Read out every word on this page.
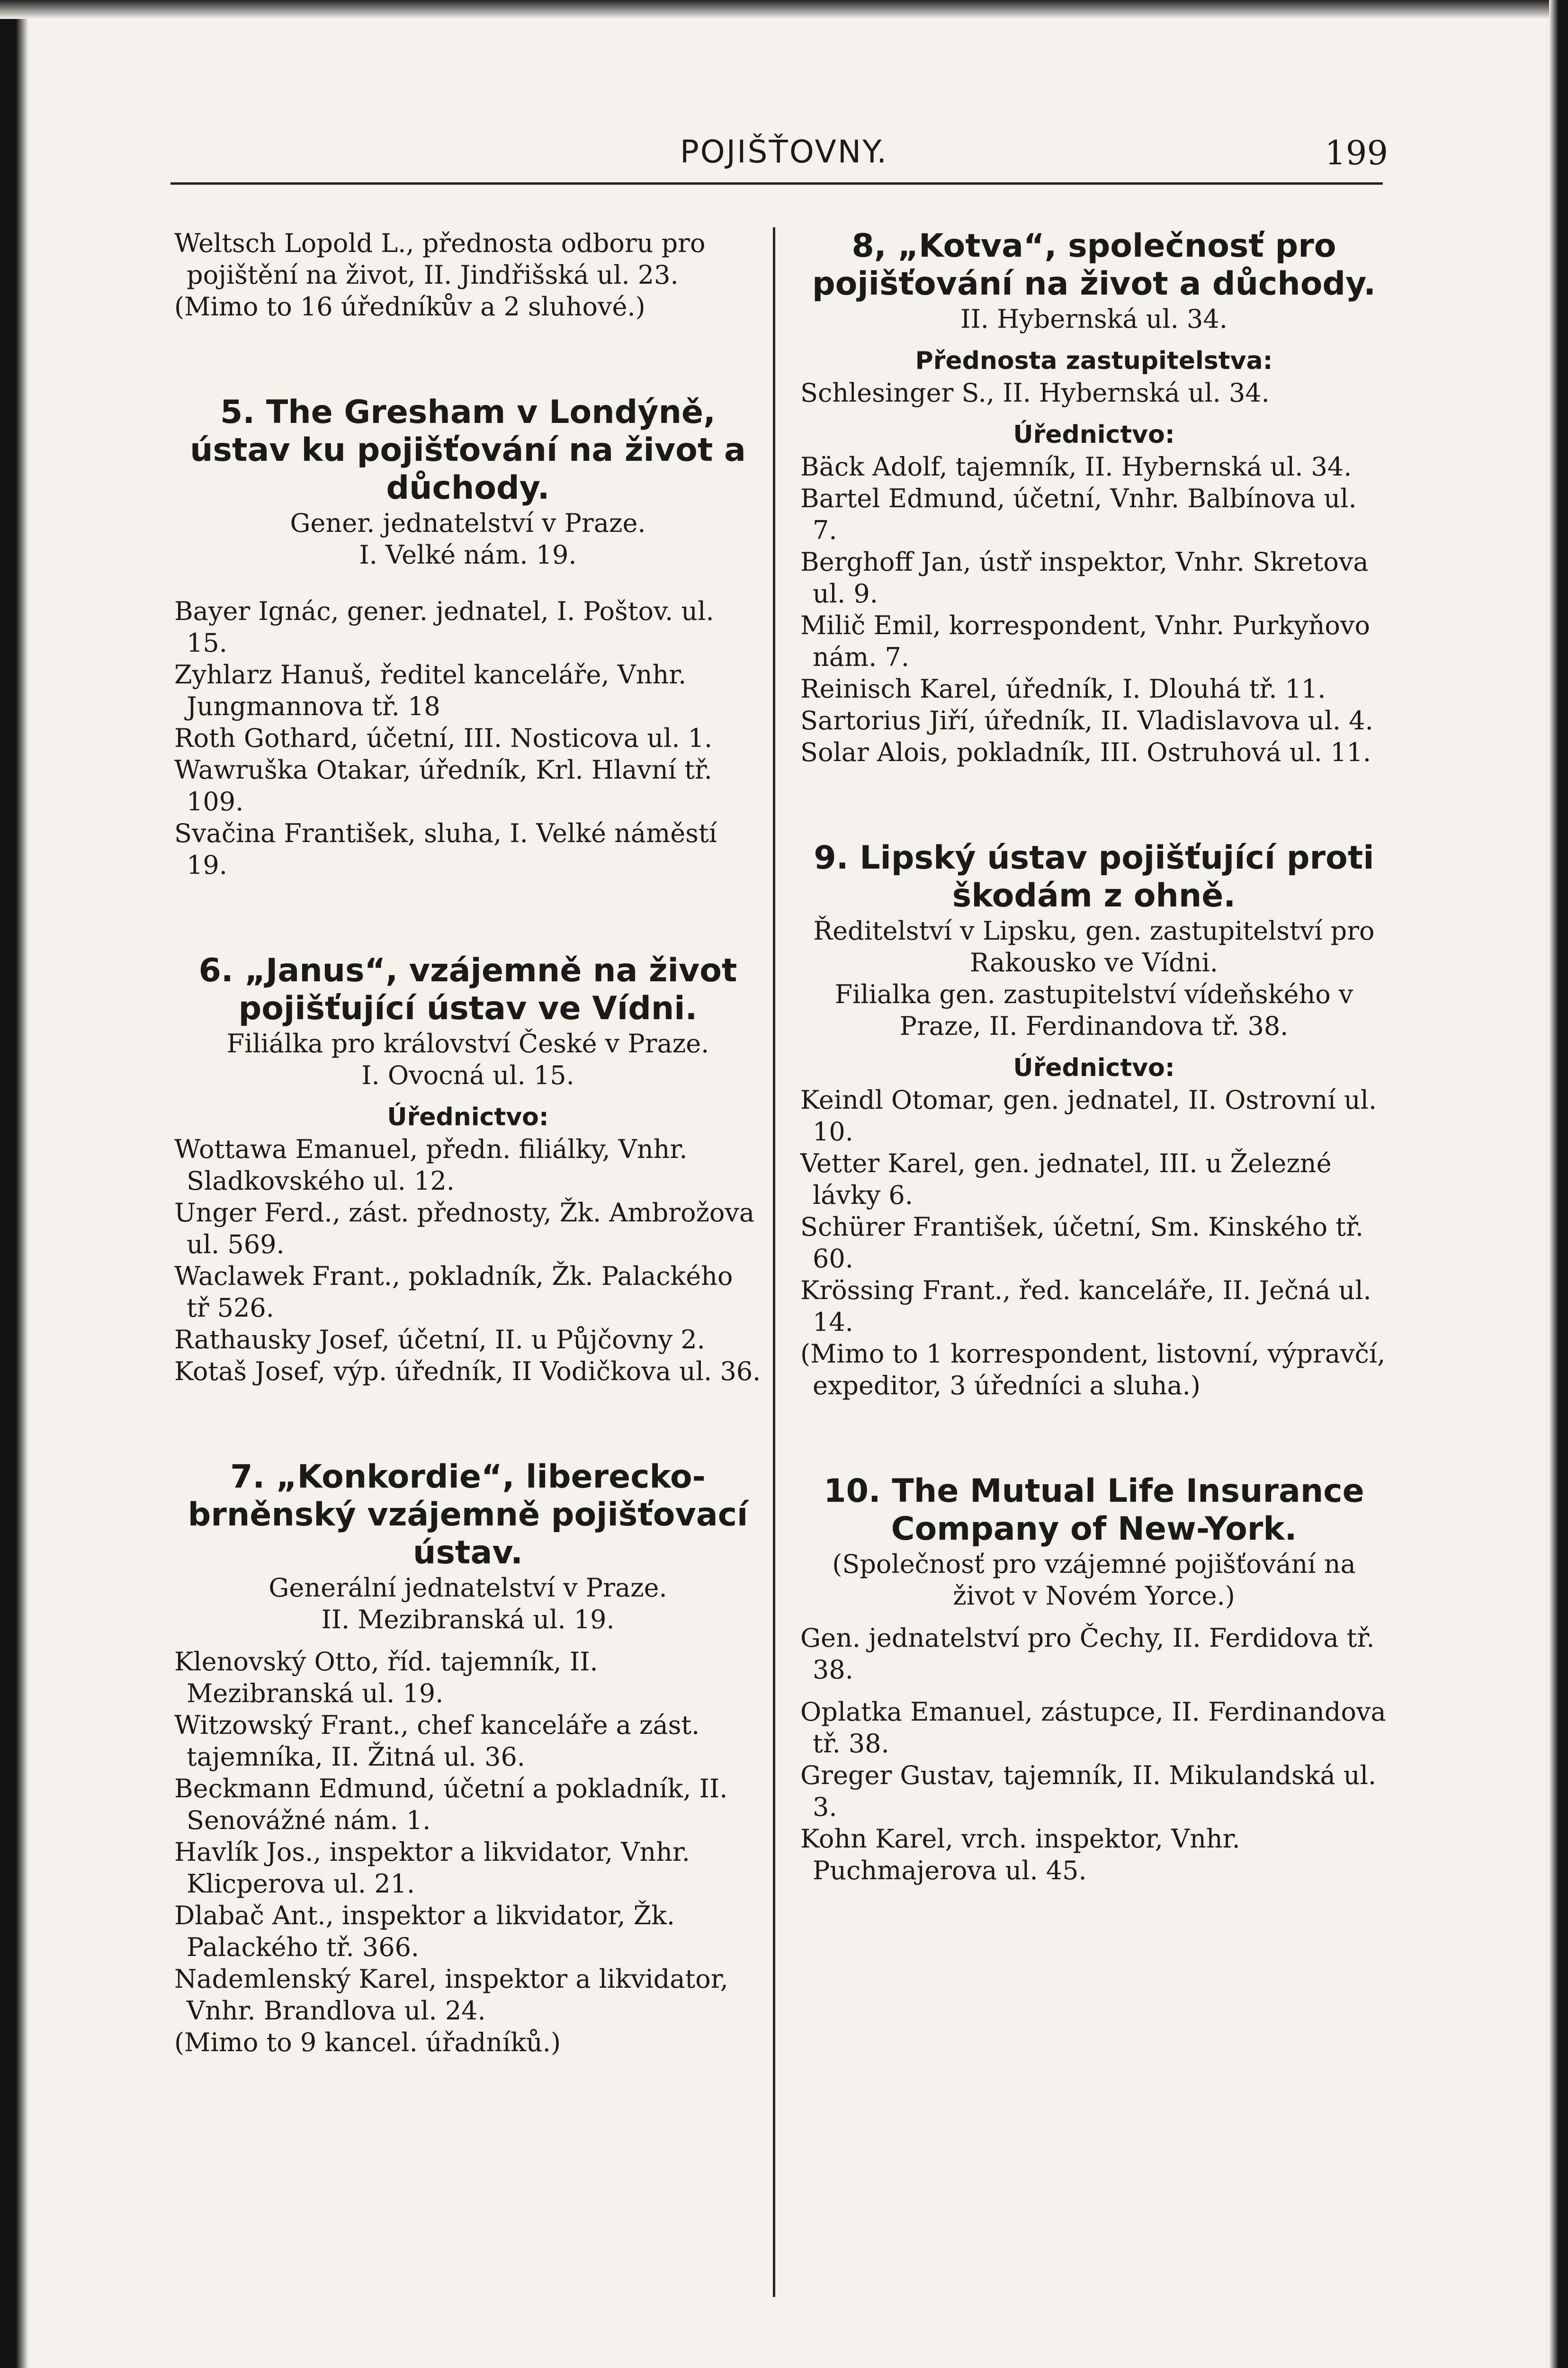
POJIŠŤOVNY.	199

Weltsch Lopold L., přednosta odboru pro pojištění na život, II. Jindřišská ul. 23.

(Mimo to 16 úředníkův a 2 sluhové.)

5. The Gresham v Londýně, ústav ku pojišťování na život a důchody.

Gener. jednatelství v Praze.

I. Velké nám. 19.

Bayer Ignác, gener. jednatel, I. Poštov. ul. 15.

Zyhlarz Hanuš, ředitel kanceláře, Vnhr. Jungmannova tř. 18

Roth Gothard, účetní, III. Nosticova ul. 1.

Wawruška Otakar, úředník, Krl. Hlavní tř. 109.

Svačina František, sluha, I. Velké náměstí 19.

6. „Janus“, vzájemně na život pojišťující ústav ve Vídni.

Filiálka pro království České v Praze.

I. Ovocná ul. 15.

Úřednictvo:

Wottawa Emanuel, předn. filiálky, Vnhr. Sladkovského ul. 12.

Unger Ferd., zást. přednosty, Žk. Ambrožova ul. 569.

Waclawek Frant., pokladník, Žk. Palackého tř 526.

Rathausky Josef, účetní, II. u Půjčovny 2.

Kotaš Josef, výp. úředník, II Vodičkova ul. 36.

7. „Konkordie“, liberecko-brněnský vzájemně pojišťovací ústav.

Generální jednatelství v Praze.

II. Mezibranská ul. 19.

Klenovský Otto, říd. tajemník, II. Mezibranská ul. 19.

Witzowský Frant., chef kanceláře a zást. tajemníka, II. Žitná ul. 36.

Beckmann Edmund, účetní a pokladník, II. Senovážné nám. 1.

Havlík Jos., inspektor a likvidator, Vnhr. Klicperova ul. 21.

Dlabač Ant., inspektor a likvidator, Žk. Palackého tř. 366.

Nademlenský Karel, inspektor a likvidator, Vnhr. Brandlova ul. 24.

(Mimo to 9 kancel. úřadníků.)

8, „Kotva“, společnosť pro pojišťování na život a důchody.

II. Hybernská ul. 34.

Přednosta zastupitelstva:

Schlesinger S., II. Hybernská ul. 34.

Úřednictvo:

Bäck Adolf, tajemník, II. Hybernská ul. 34.

Bartel Edmund, účetní, Vnhr. Balbínova ul. 7.

Berghoff Jan, ústř inspektor, Vnhr. Skretova ul. 9.

Milič Emil, korrespondent, Vnhr. Purkyňovo nám. 7.

Reinisch Karel, úředník, I. Dlouhá tř. 11.

Sartorius Jiří, úředník, II. Vladislavova ul. 4.

Solar Alois, pokladník, III. Ostruhová ul. 11.

9. Lipský ústav pojišťující proti škodám z ohně.

Ředitelství v Lipsku, gen. zastupitelství pro Rakousko ve Vídni.

Filialka gen. zastupitelství vídeňského v Praze, II. Ferdinandova tř. 38.

Úřednictvo:

Keindl Otomar, gen. jednatel, II. Ostrovní ul. 10.

Vetter Karel, gen. jednatel, III. u Železné lávky 6.

Schürer František, účetní, Sm. Kinského tř. 60.

Krössing Frant., řed. kanceláře, II. Ječná ul. 14.

(Mimo to 1 korrespondent, listovní, výpravčí, expeditor, 3 úředníci a sluha.)

10. The Mutual Life Insurance Company of New-York.

(Společnosť pro vzájemné pojišťování na život v Novém Yorce.)

Gen. jednatelství pro Čechy, II. Ferdidova tř. 38.

Oplatka Emanuel, zástupce, II. Ferdinandova tř. 38.

Greger Gustav, tajemník, II. Mikulandská ul. 3.

Kohn Karel, vrch. inspektor, Vnhr. Puchmajerova ul. 45.
